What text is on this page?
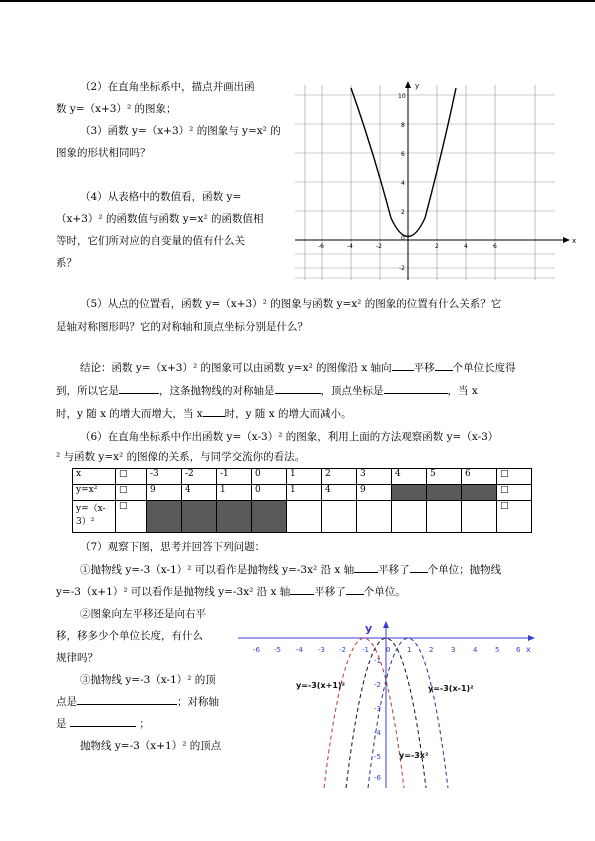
（2）在直角坐标系中，描点并画出函
数 y=（x+3）² 的图象；
（3）函数 y=（x+3）² 的图象与 y=x² 的
图象的形状相同吗？
（4）从表格中的数值看，函数 y=
（x+3）² 的函数值与函数 y=x² 的函数值相
等时，它们所对应的自变量的值有什么关
系？
x
y
0
-6	-4	-2	2	4	6
10
8
6
4
2
-2
（5）从点的位置看，函数 y=（x+3）² 的图象与函数 y=x² 的图象的位置有什么关系？它
是轴对称图形吗？它的对称轴和顶点坐标分别是什么？
结论：函数 y=（x+3）² 的图象可以由函数 y=x² 的图像沿 x 轴向 平移 个单位长度得
到，所以它是	，这条抛物线的对称轴是	，顶点坐标是	，当 x
时，y 随 x 的增大而增大，当 x 时，y 随 x 的增大而减小。
（6）在直角坐标系中作出函数 y=（x-3）² 的图象，利用上面的方法观察函数 y=（x-3）
² 与函数 y=x² 的图像的关系，与同学交流你的看法。
x	□	-3	-2	-1	0	1	2	3	4	5	6	□
y=x²	□	9	4	1	0	1	4	9				□
y=（x-3）²	□											□
（7）观察下图，思考并回答下列问题：
①抛物线 y=-3（x-1）² 可以看作是抛物线 y=-3x² 沿 x 轴 平移了 个单位；抛物线
y=-3（x+1）² 可以看作是抛物线 y=-3x² 沿 x 轴 平移了 个单位。
②图象向左平移还是向右平
移，移多少个单位长度，有什么
规律吗？
③抛物线 y=-3（x-1）² 的顶
点是	；对称轴
是	；
抛物线 y=-3（x+1）² 的顶点
y
x
-6 -5 -4 -3 -2 -1 0 1	2	3	4	5 6
-1
-2
-3
-4
-5
-6
y=-3(x+1)²	y=-3(x-1)²
y=-3x²
